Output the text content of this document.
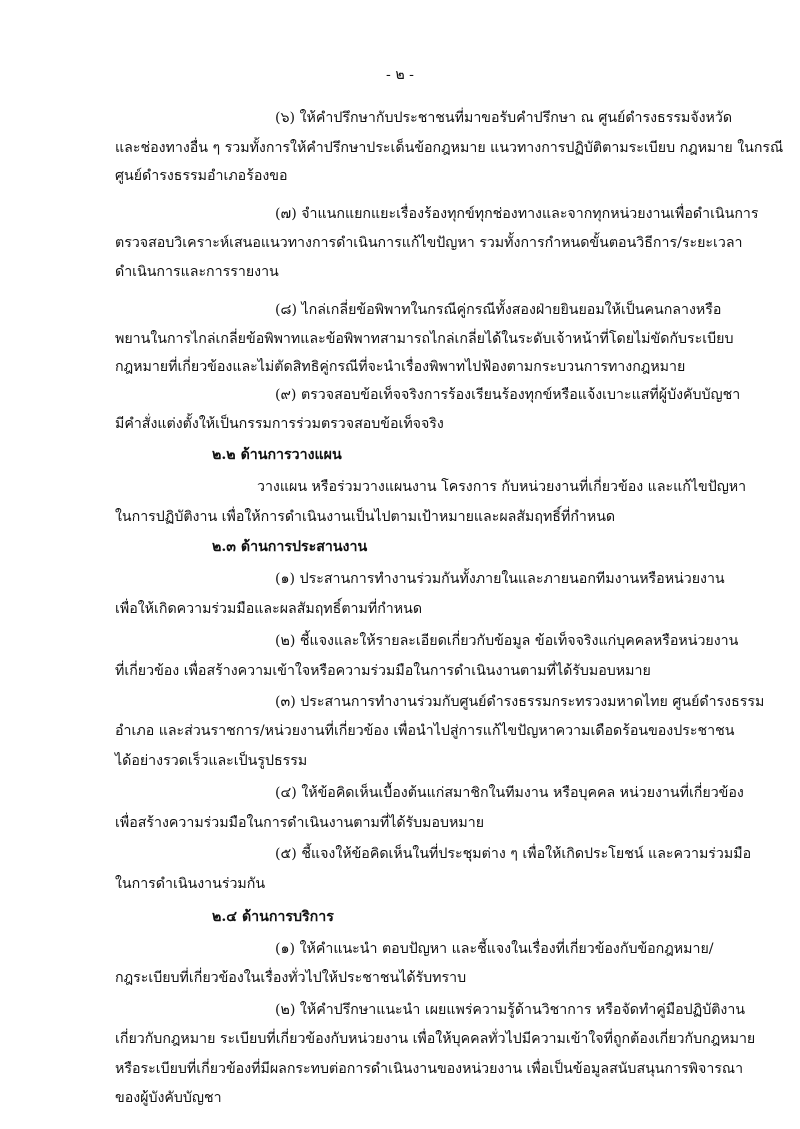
- ๒ -
(๖) ให้คำปรึกษากับประชาชนที่มาขอรับคำปรึกษา ณ ศูนย์ดำรงธรรมจังหวัด
และช่องทางอื่น ๆ รวมทั้งการให้คำปรึกษาประเด็นข้อกฎหมาย แนวทางการปฏิบัติตามระเบียบ กฎหมาย ในกรณี
ศูนย์ดำรงธรรมอำเภอร้องขอ
(๗) จำแนกแยกแยะเรื่องร้องทุกข์ทุกช่องทางและจากทุกหน่วยงานเพื่อดำเนินการ
ตรวจสอบวิเคราะห์เสนอแนวทางการดำเนินการแก้ไขปัญหา รวมทั้งการกำหนดขั้นตอนวิธีการ/ระยะเวลา
ดำเนินการและการรายงาน
(๘) ไกล่เกลี่ยข้อพิพาทในกรณีคู่กรณีทั้งสองฝ่ายยินยอมให้เป็นคนกลางหรือ
พยานในการไกล่เกลี่ยข้อพิพาทและข้อพิพาทสามารถไกล่เกลี่ยได้ในระดับเจ้าหน้าที่โดยไม่ขัดกับระเบียบ
กฎหมายที่เกี่ยวข้องและไม่ตัดสิทธิคู่กรณีที่จะนำเรื่องพิพาทไปฟ้องตามกระบวนการทางกฎหมาย
(๙) ตรวจสอบข้อเท็จจริงการร้องเรียนร้องทุกข์หรือแจ้งเบาะแสที่ผู้บังคับบัญชา
มีคำสั่งแต่งตั้งให้เป็นกรรมการร่วมตรวจสอบข้อเท็จจริง
๒.๒ ด้านการวางแผน
วางแผน หรือร่วมวางแผนงาน โครงการ กับหน่วยงานที่เกี่ยวข้อง และแก้ไขปัญหา
ในการปฏิบัติงาน เพื่อให้การดำเนินงานเป็นไปตามเป้าหมายและผลสัมฤทธิ์ที่กำหนด
๒.๓ ด้านการประสานงาน
(๑) ประสานการทำงานร่วมกันทั้งภายในและภายนอกทีมงานหรือหน่วยงาน
เพื่อให้เกิดความร่วมมือและผลสัมฤทธิ์ตามที่กำหนด
(๒) ชี้แจงและให้รายละเอียดเกี่ยวกับข้อมูล ข้อเท็จจริงแก่บุคคลหรือหน่วยงาน
ที่เกี่ยวข้อง เพื่อสร้างความเข้าใจหรือความร่วมมือในการดำเนินงานตามที่ได้รับมอบหมาย
(๓) ประสานการทำงานร่วมกับศูนย์ดำรงธรรมกระทรวงมหาดไทย ศูนย์ดำรงธรรม
อำเภอ และส่วนราชการ/หน่วยงานที่เกี่ยวข้อง เพื่อนำไปสู่การแก้ไขปัญหาความเดือดร้อนของประชาชน
ได้อย่างรวดเร็วและเป็นรูปธรรม
(๔) ให้ข้อคิดเห็นเบื้องต้นแก่สมาชิกในทีมงาน หรือบุคคล หน่วยงานที่เกี่ยวข้อง
เพื่อสร้างความร่วมมือในการดำเนินงานตามที่ได้รับมอบหมาย
(๕) ชี้แจงให้ข้อคิดเห็นในที่ประชุมต่าง ๆ เพื่อให้เกิดประโยชน์ และความร่วมมือ
ในการดำเนินงานร่วมกัน
๒.๔ ด้านการบริการ
(๑) ให้คำแนะนำ ตอบปัญหา และชี้แจงในเรื่องที่เกี่ยวข้องกับข้อกฎหมาย/
กฎระเบียบที่เกี่ยวข้องในเรื่องทั่วไปให้ประชาชนได้รับทราบ
(๒) ให้คำปรึกษาแนะนำ เผยแพร่ความรู้ด้านวิชาการ หรือจัดทำคู่มือปฏิบัติงาน
เกี่ยวกับกฎหมาย ระเบียบที่เกี่ยวข้องกับหน่วยงาน เพื่อให้บุคคลทั่วไปมีความเข้าใจที่ถูกต้องเกี่ยวกับกฎหมาย
หรือระเบียบที่เกี่ยวข้องที่มีผลกระทบต่อการดำเนินงานของหน่วยงาน เพื่อเป็นข้อมูลสนับสนุนการพิจารณา
ของผู้บังคับบัญชา
